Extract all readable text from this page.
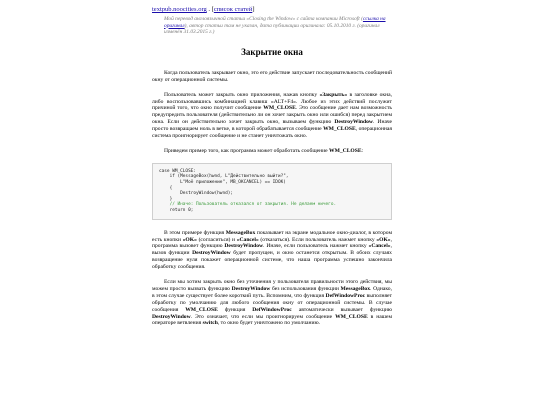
textpub.noocities.org . [список статей]
Мой перевод англоязычной статьи «Closing the Window» с сайта компании Microsoft (ссылка на оригинал), автор статьи там не указан, дата публикации оригинала: 05.10.2010 г. (оригинал изменён 31.03.2015 г.)
Закрытие окна

Когда пользователь закрывает окно, это его действие запускает последовательность сообщений окну от операционной системы.

Пользователь может закрыть окно приложения, нажав кнопку «Закрыть» в заголовке окна, либо воспользовавшись комбинацией клавиш «ALT+F4». Любое из этих действий послужит причиной того, что окно получит сообщение WM_CLOSE. Это сообщение дает нам возможность предупредить пользователя (действительно ли он хочет закрыть окно или ошибся) перед закрытием окна. Если он действительно хочет закрыть окно, вызываем функцию DestroyWindow. Иначе просто возвращаем ноль в ветке, в которой обрабатывается сообщение WM_CLOSE, операционная система проигнорирует сообщение и не станет уничтожать окно.

Приведем пример того, как программа может обработать сообщение WM_CLOSE:

case WM_CLOSE:
if (MessageBox(hwnd, L"Действительно выйти?",
L"Моё приложение", MB_OKCANCEL) == IDOK)
{
DestroyWindow(hwnd);
}
// Иначе: Пользователь отказался от закрытия. Не делаем ничего.
return 0;

В этом примере функция MessageBox показывает на экране модальное окно-диалог, в котором есть кнопки «OK» (согласиться) и «Cancel» (отказаться). Если пользователь нажмет кнопку «OK», программа вызовет функцию DestroyWindow. Иначе, если пользователь нажмет кнопку «Cancel», вызов функции DestroyWindow будет пропущен, и окно останется открытым. В обоих случаях возвращение нуля покажет операционной системе, что наша программа успешно закончила обработку сообщения.

Если мы хотим закрыть окно без уточнения у пользователя правильности этого действия, мы можем просто вызвать функцию DestroyWindow без использования функции MessageBox. Однако, в этом случае существует более короткий путь. Вспомним, что функция DefWindowProc выполняет обработку по умолчанию для любого сообщения окну от операционной системы. В случае сообщения WM_CLOSE функция DefWindowProc автоматически вызывает функцию DestroyWindow. Это означает, что если мы проигнорируем сообщение WM_CLOSE в нашем операторе ветвления switch, то окно будет уничтожено по умолчанию.
